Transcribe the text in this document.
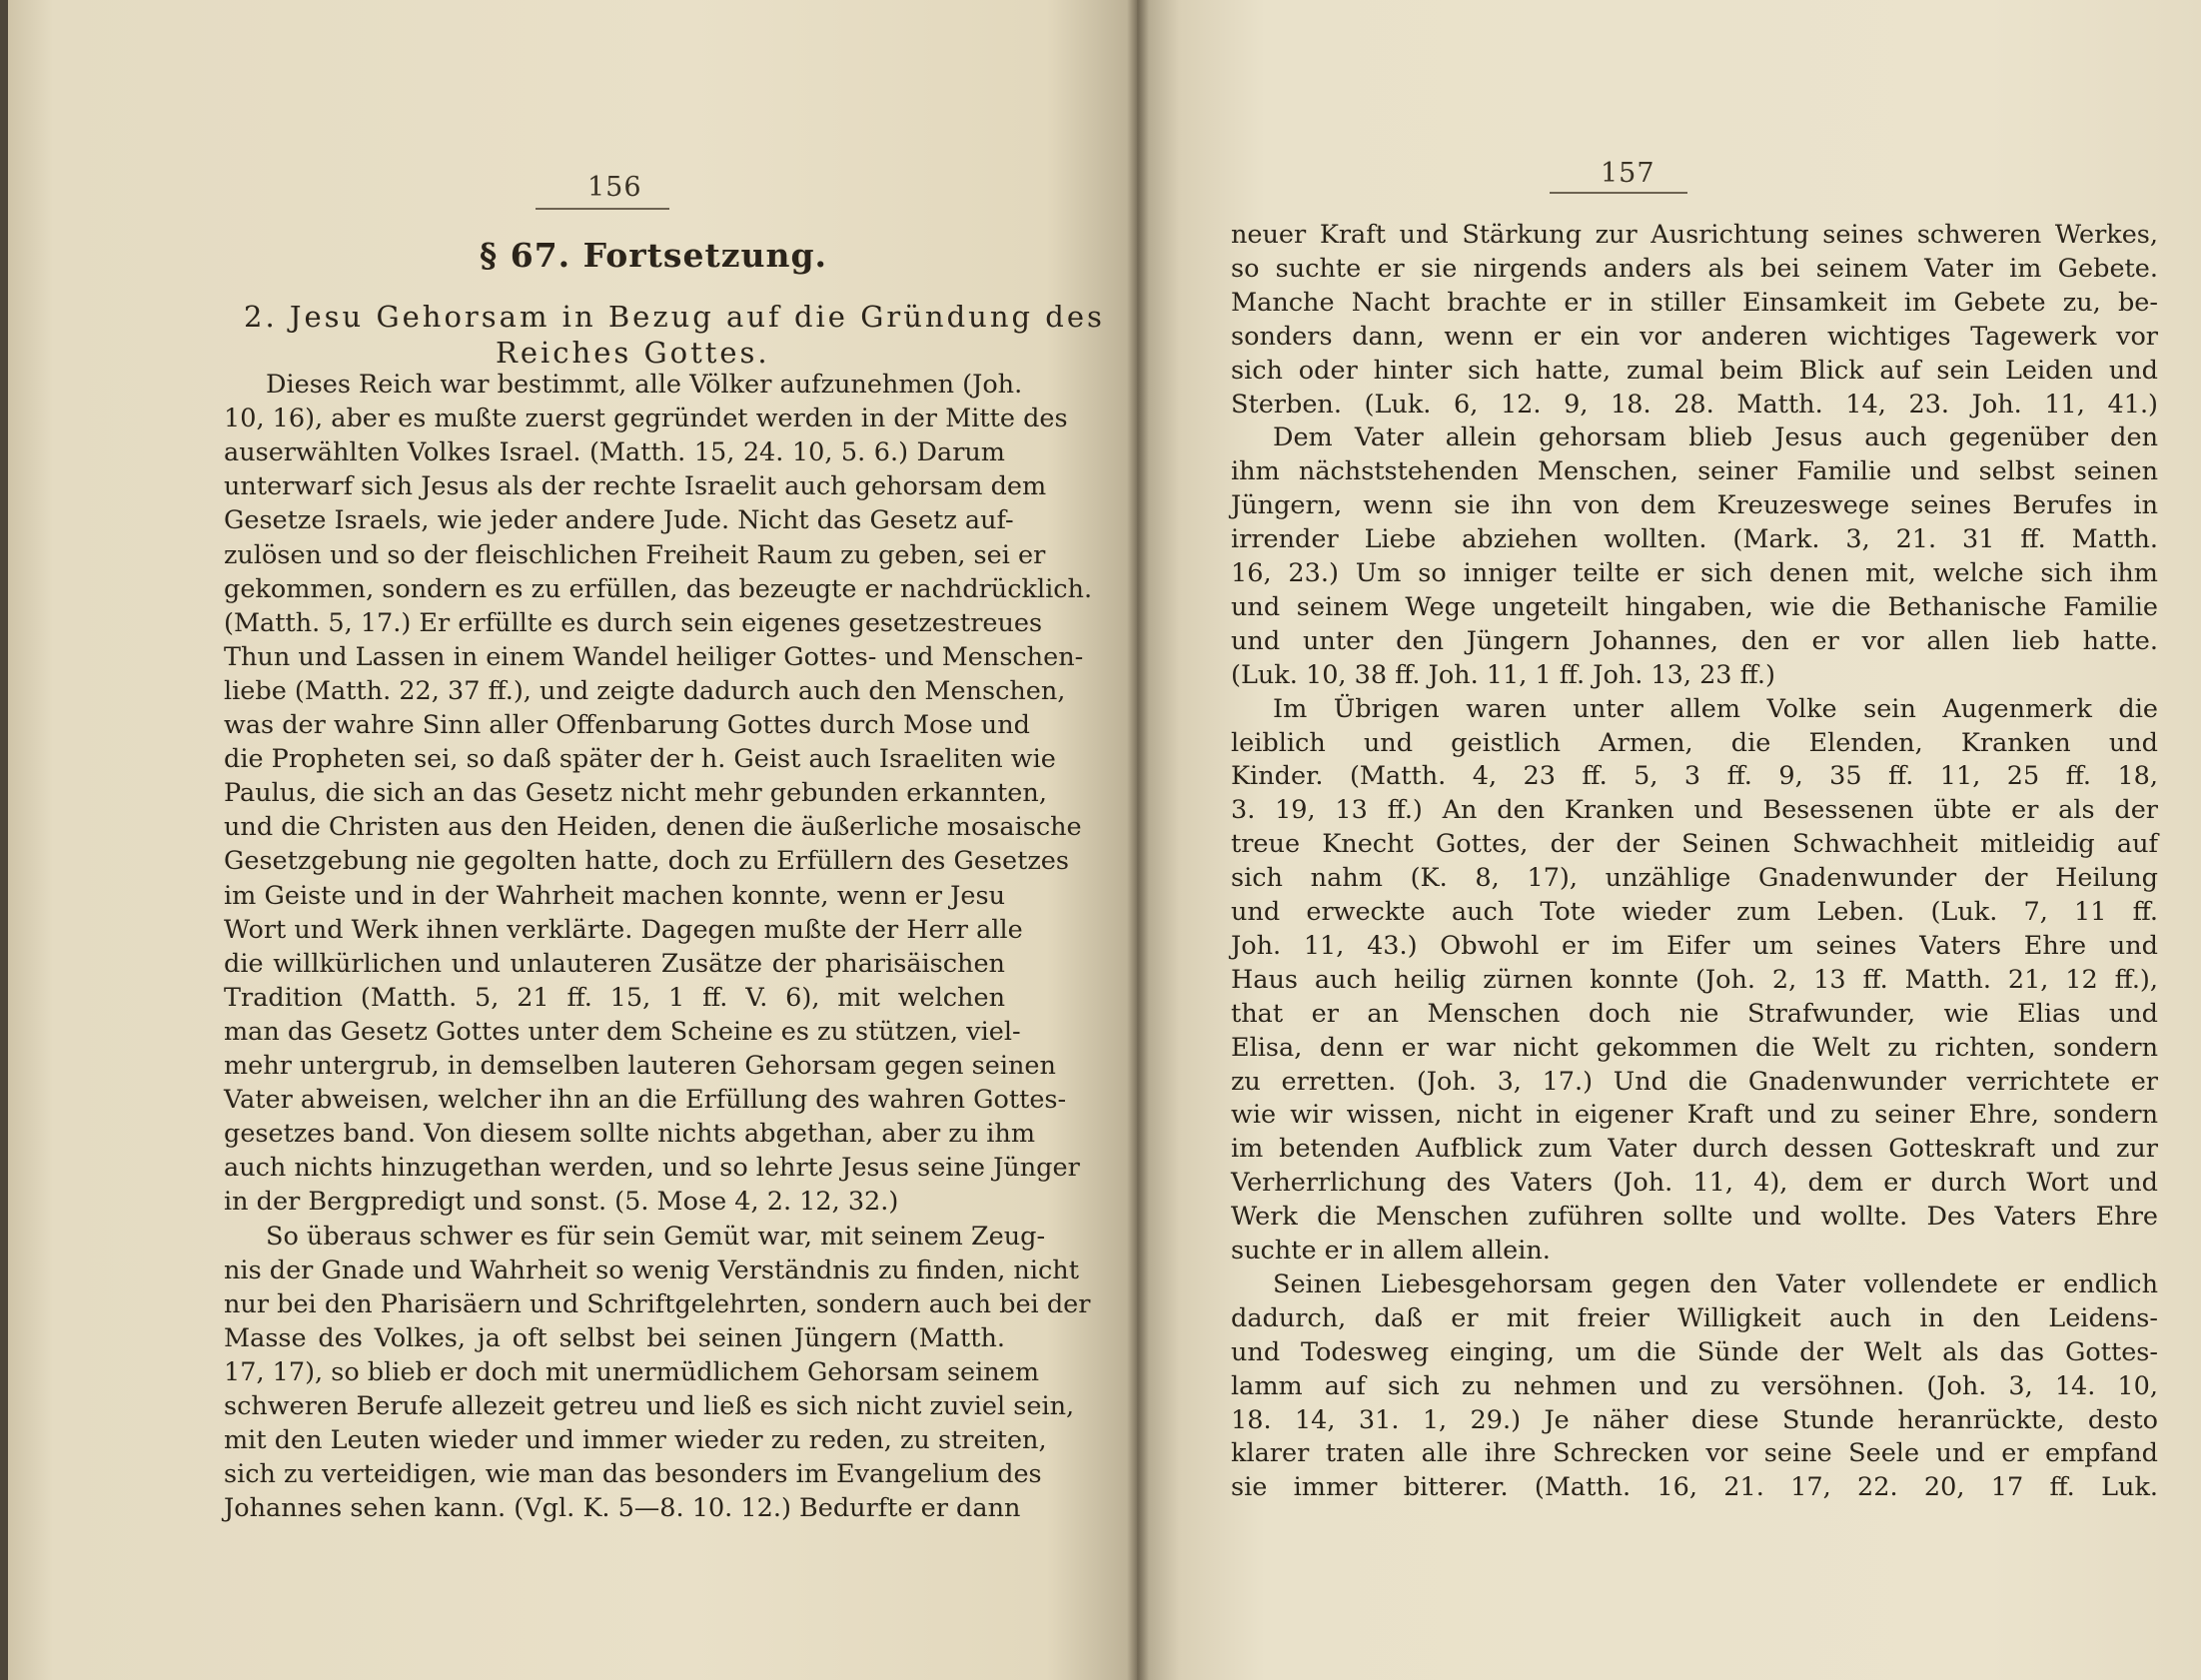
156
§ 67. Fortsetzung.
2. Jesu Gehorsam in Bezug auf die Gründung des
Reiches Gottes.
Dieses Reich war bestimmt, alle Völker aufzunehmen (Joh.
10, 16), aber es mußte zuerst gegründet werden in der Mitte des
auserwählten Volkes Israel. (Matth. 15, 24. 10, 5. 6.) Darum
unterwarf sich Jesus als der rechte Israelit auch gehorsam dem
Gesetze Israels, wie jeder andere Jude. Nicht das Gesetz auf-
zulösen und so der fleischlichen Freiheit Raum zu geben, sei er
gekommen, sondern es zu erfüllen, das bezeugte er nachdrücklich.
(Matth. 5, 17.) Er erfüllte es durch sein eigenes gesetzestreues
Thun und Lassen in einem Wandel heiliger Gottes- und Menschen-
liebe (Matth. 22, 37 ff.), und zeigte dadurch auch den Menschen,
was der wahre Sinn aller Offenbarung Gottes durch Mose und
die Propheten sei, so daß später der h. Geist auch Israeliten wie
Paulus, die sich an das Gesetz nicht mehr gebunden erkannten,
und die Christen aus den Heiden, denen die äußerliche mosaische
Gesetzgebung nie gegolten hatte, doch zu Erfüllern des Gesetzes
im Geiste und in der Wahrheit machen konnte, wenn er Jesu
Wort und Werk ihnen verklärte. Dagegen mußte der Herr alle
die willkürlichen und unlauteren Zusätze der pharisäischen
Tradition (Matth. 5, 21 ff. 15, 1 ff. V. 6), mit welchen
man das Gesetz Gottes unter dem Scheine es zu stützen, viel-
mehr untergrub, in demselben lauteren Gehorsam gegen seinen
Vater abweisen, welcher ihn an die Erfüllung des wahren Gottes-
gesetzes band. Von diesem sollte nichts abgethan, aber zu ihm
auch nichts hinzugethan werden, und so lehrte Jesus seine Jünger
in der Bergpredigt und sonst. (5. Mose 4, 2. 12, 32.)
So überaus schwer es für sein Gemüt war, mit seinem Zeug-
nis der Gnade und Wahrheit so wenig Verständnis zu finden, nicht
nur bei den Pharisäern und Schriftgelehrten, sondern auch bei der
Masse des Volkes, ja oft selbst bei seinen Jüngern (Matth.
17, 17), so blieb er doch mit unermüdlichem Gehorsam seinem
schweren Berufe allezeit getreu und ließ es sich nicht zuviel sein,
mit den Leuten wieder und immer wieder zu reden, zu streiten,
sich zu verteidigen, wie man das besonders im Evangelium des
Johannes sehen kann. (Vgl. K. 5—8. 10. 12.) Bedurfte er dann
157
neuer Kraft und Stärkung zur Ausrichtung seines schweren Werkes,
so suchte er sie nirgends anders als bei seinem Vater im Gebete.
Manche Nacht brachte er in stiller Einsamkeit im Gebete zu, be-
sonders dann, wenn er ein vor anderen wichtiges Tagewerk vor
sich oder hinter sich hatte, zumal beim Blick auf sein Leiden und
Sterben. (Luk. 6, 12. 9, 18. 28. Matth. 14, 23. Joh. 11, 41.)
Dem Vater allein gehorsam blieb Jesus auch gegenüber den
ihm nächststehenden Menschen, seiner Familie und selbst seinen
Jüngern, wenn sie ihn von dem Kreuzeswege seines Berufes in
irrender Liebe abziehen wollten. (Mark. 3, 21. 31 ff. Matth.
16, 23.) Um so inniger teilte er sich denen mit, welche sich ihm
und seinem Wege ungeteilt hingaben, wie die Bethanische Familie
und unter den Jüngern Johannes, den er vor allen lieb hatte.
(Luk. 10, 38 ff. Joh. 11, 1 ff. Joh. 13, 23 ff.)
Im Übrigen waren unter allem Volke sein Augenmerk die
leiblich und geistlich Armen, die Elenden, Kranken und
Kinder. (Matth. 4, 23 ff. 5, 3 ff. 9, 35 ff. 11, 25 ff. 18,
3. 19, 13 ff.) An den Kranken und Besessenen übte er als der
treue Knecht Gottes, der der Seinen Schwachheit mitleidig auf
sich nahm (K. 8, 17), unzählige Gnadenwunder der Heilung
und erweckte auch Tote wieder zum Leben. (Luk. 7, 11 ff.
Joh. 11, 43.) Obwohl er im Eifer um seines Vaters Ehre und
Haus auch heilig zürnen konnte (Joh. 2, 13 ff. Matth. 21, 12 ff.),
that er an Menschen doch nie Strafwunder, wie Elias und
Elisa, denn er war nicht gekommen die Welt zu richten, sondern
zu erretten. (Joh. 3, 17.) Und die Gnadenwunder verrichtete er
wie wir wissen, nicht in eigener Kraft und zu seiner Ehre, sondern
im betenden Aufblick zum Vater durch dessen Gotteskraft und zur
Verherrlichung des Vaters (Joh. 11, 4), dem er durch Wort und
Werk die Menschen zuführen sollte und wollte. Des Vaters Ehre
suchte er in allem allein.
Seinen Liebesgehorsam gegen den Vater vollendete er endlich
dadurch, daß er mit freier Willigkeit auch in den Leidens-
und Todesweg einging, um die Sünde der Welt als das Gottes-
lamm auf sich zu nehmen und zu versöhnen. (Joh. 3, 14. 10,
18. 14, 31. 1, 29.) Je näher diese Stunde heranrückte, desto
klarer traten alle ihre Schrecken vor seine Seele und er empfand
sie immer bitterer. (Matth. 16, 21. 17, 22. 20, 17 ff. Luk.
